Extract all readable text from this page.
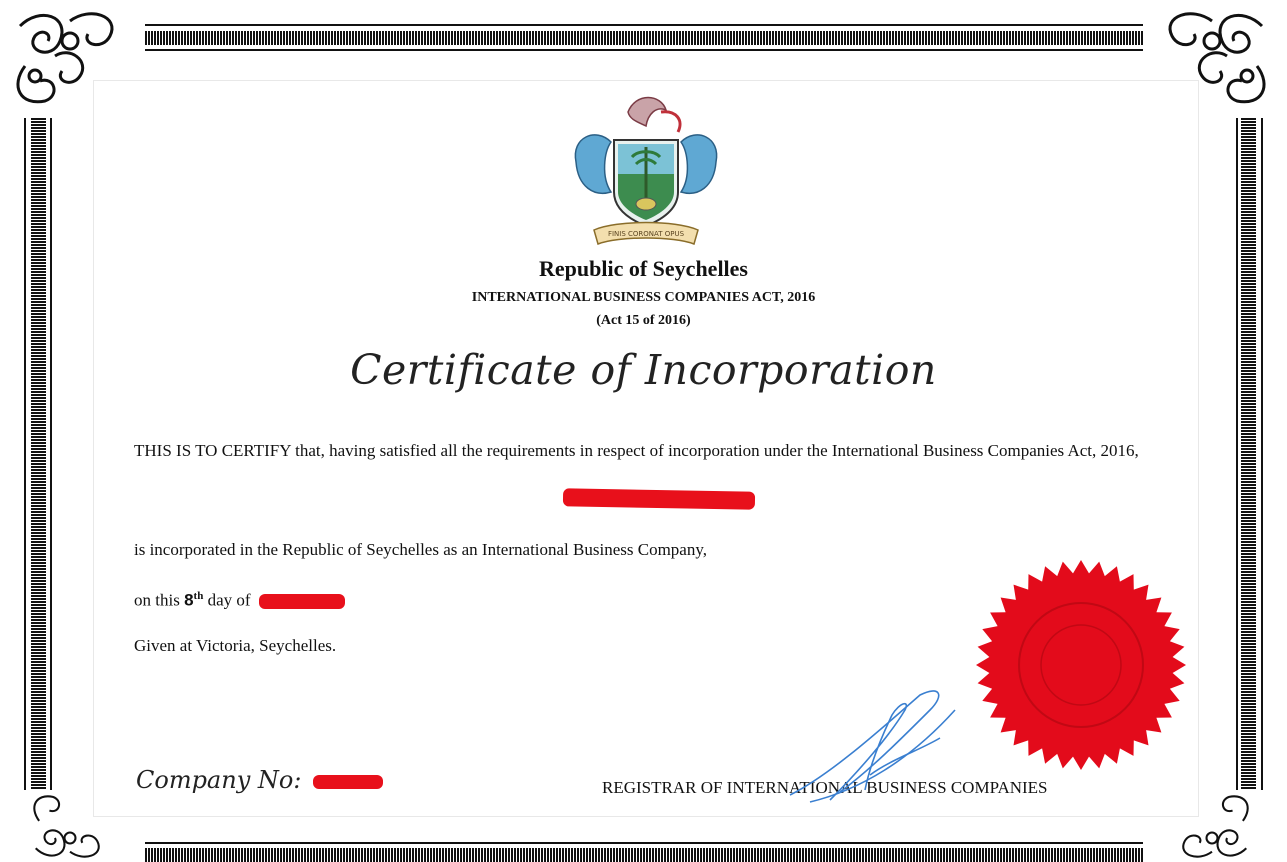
FINIS CORONAT OPUS
Republic of Seychelles
INTERNATIONAL BUSINESS COMPANIES ACT, 2016
(Act 15 of 2016)
Certificate of Incorporation
THIS IS TO CERTIFY that, having satisfied all the requirements in respect of incorporation under the International Business Companies Act, 2016,
is incorporated in the Republic of Seychelles as an International Business Company,
on this 8th day of
Given at Victoria, Seychelles.
Company No:	REGISTRAR OF INTERNATIONAL BUSINESS COMPANIES
